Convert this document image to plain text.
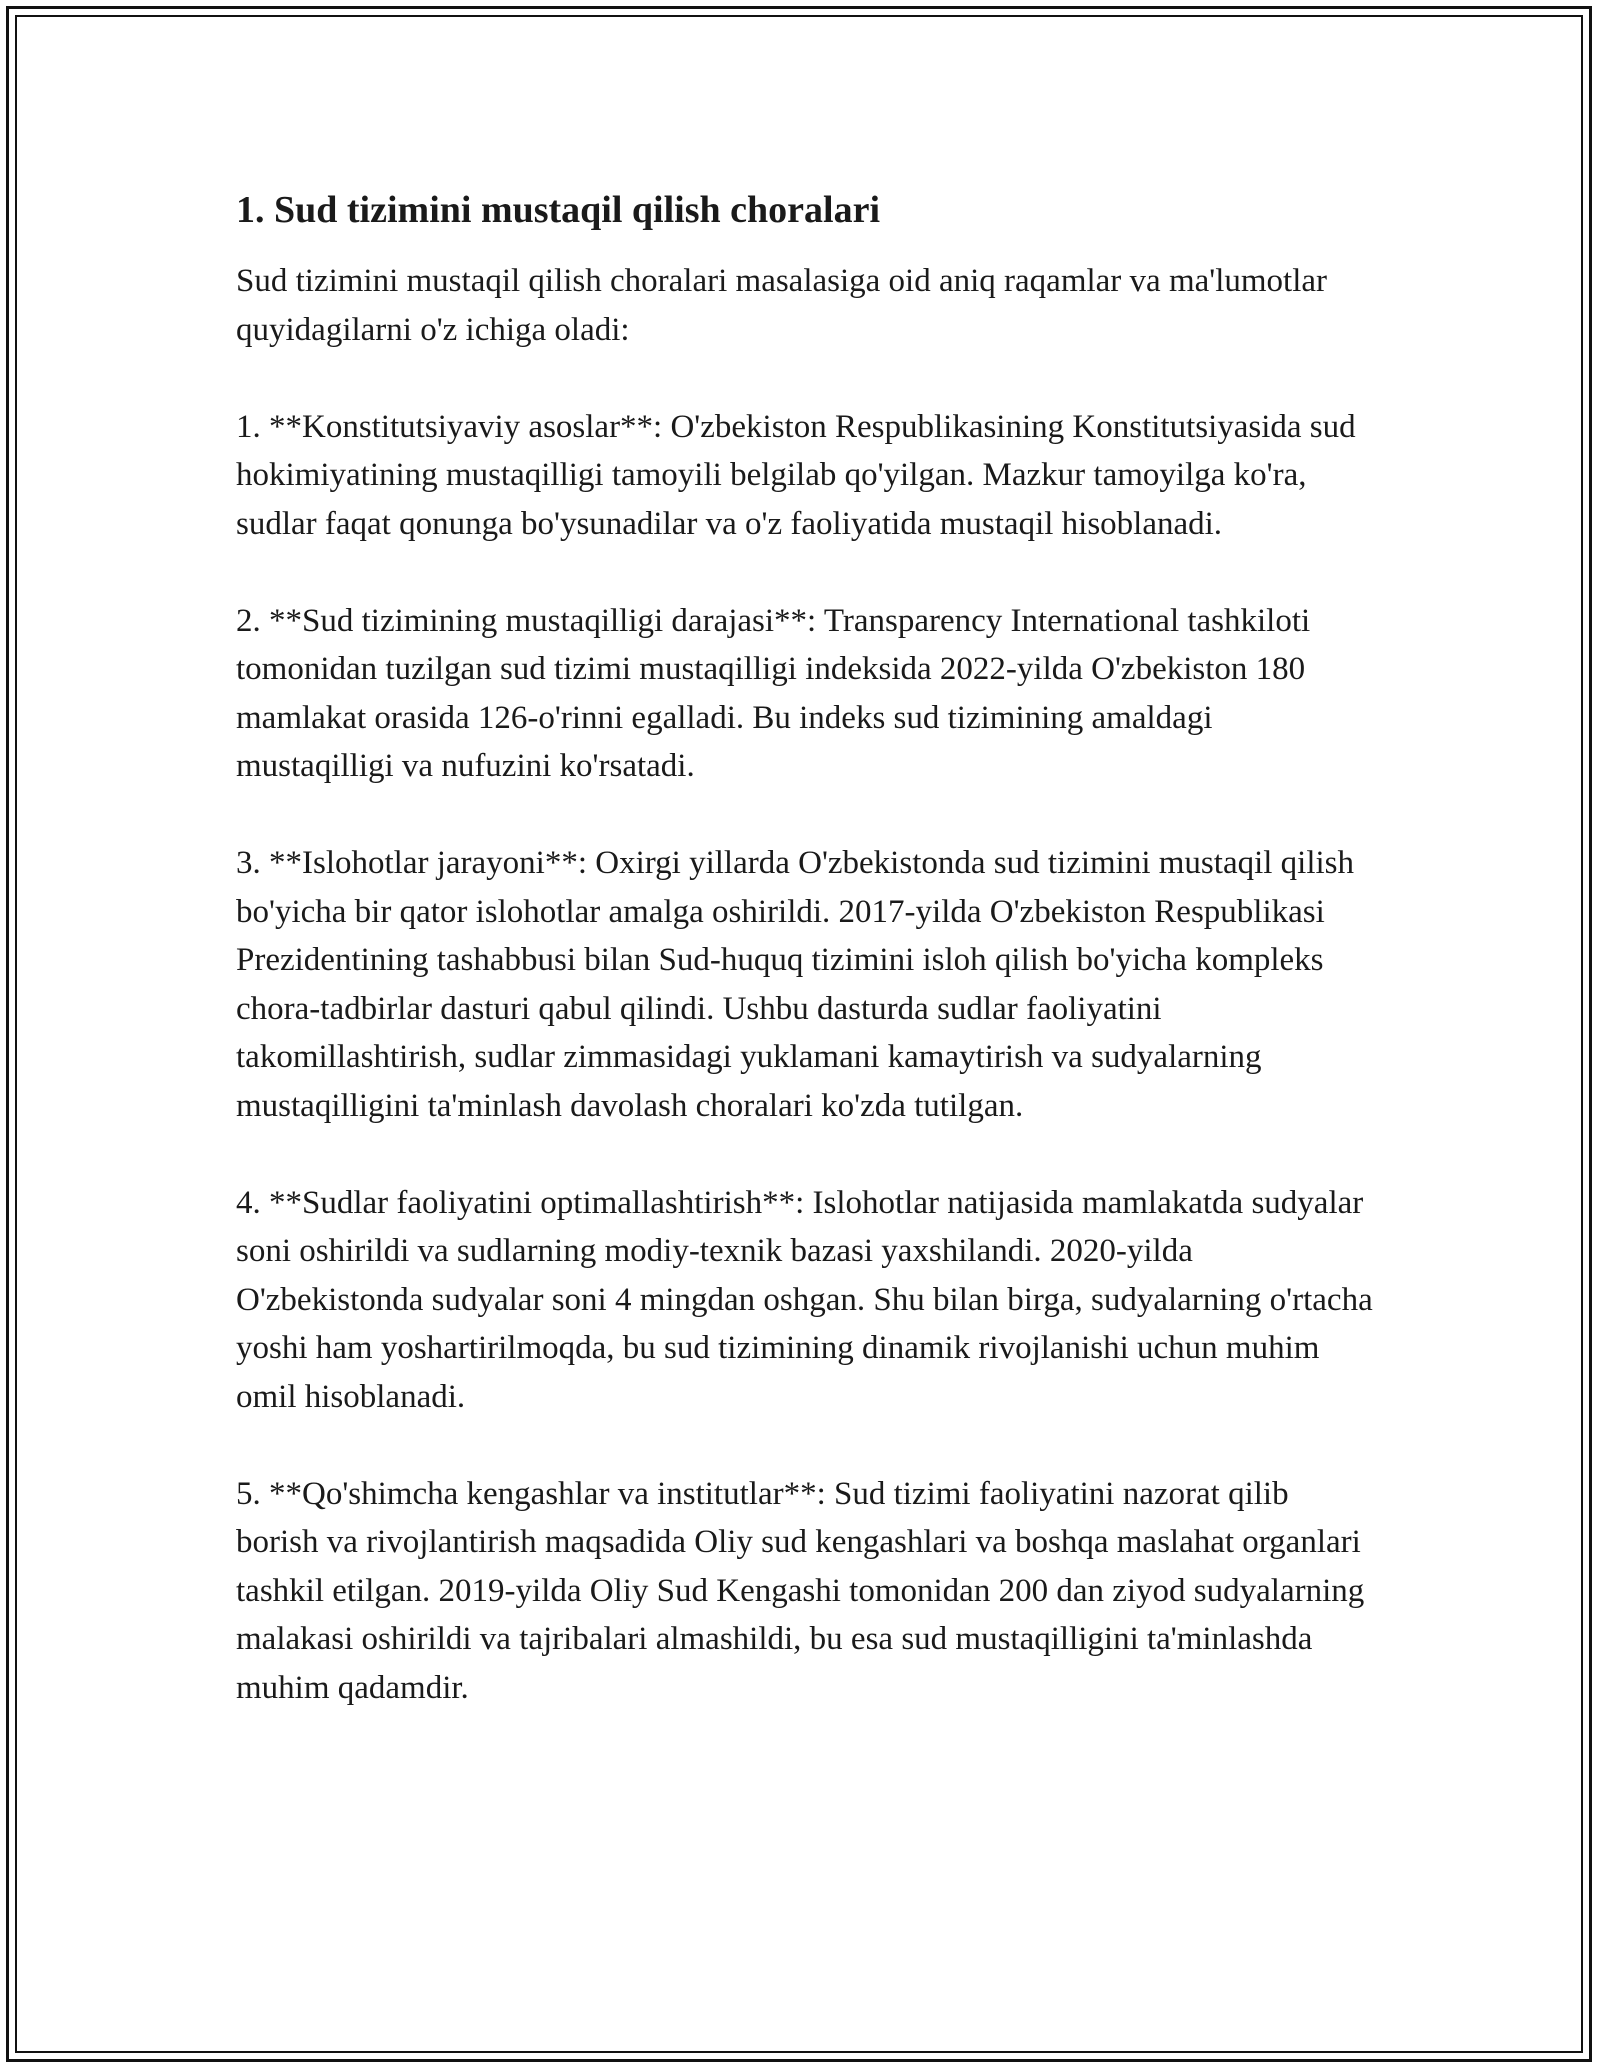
1. Sud tizimini mustaqil qilish choralari

Sud tizimini mustaqil qilish choralari masalasiga oid aniq raqamlar va ma'lumotlar quyidagilarni o'z ichiga oladi:

1. **Konstitutsiyaviy asoslar**: O'zbekiston Respublikasining Konstitutsiyasida sud hokimiyatining mustaqilligi tamoyili belgilab qo'yilgan. Mazkur tamoyilga ko'ra, sudlar faqat qonunga bo'ysunadilar va o'z faoliyatida mustaqil hisoblanadi.

2. **Sud tizimining mustaqilligi darajasi**: Transparency International tashkiloti tomonidan tuzilgan sud tizimi mustaqilligi indeksida 2022-yilda O'zbekiston 180 mamlakat orasida 126-o'rinni egalladi. Bu indeks sud tizimining amaldagi mustaqilligi va nufuzini ko'rsatadi.

3. **Islohotlar jarayoni**: Oxirgi yillarda O'zbekistonda sud tizimini mustaqil qilish bo'yicha bir qator islohotlar amalga oshirildi. 2017-yilda O'zbekiston Respublikasi Prezidentining tashabbusi bilan Sud-huquq tizimini isloh qilish bo'yicha kompleks chora-tadbirlar dasturi qabul qilindi. Ushbu dasturda sudlar faoliyatini takomillashtirish, sudlar zimmasidagi yuklamani kamaytirish va sudyalarning mustaqilligini ta'minlash davolash choralari ko'zda tutilgan.

4. **Sudlar faoliyatini optimallashtirish**: Islohotlar natijasida mamlakatda sudyalar soni oshirildi va sudlarning modiy-texnik bazasi yaxshilandi. 2020-yilda O'zbekistonda sudyalar soni 4 mingdan oshgan. Shu bilan birga, sudyalarning o'rtacha yoshi ham yoshartirilmoqda, bu sud tizimining dinamik rivojlanishi uchun muhim omil hisoblanadi.

5. **Qo'shimcha kengashlar va institutlar**: Sud tizimi faoliyatini nazorat qilib borish va rivojlantirish maqsadida Oliy sud kengashlari va boshqa maslahat organlari tashkil etilgan. 2019-yilda Oliy Sud Kengashi tomonidan 200 dan ziyod sudyalarning malakasi oshirildi va tajribalari almashildi, bu esa sud mustaqilligini ta'minlashda muhim qadamdir.
